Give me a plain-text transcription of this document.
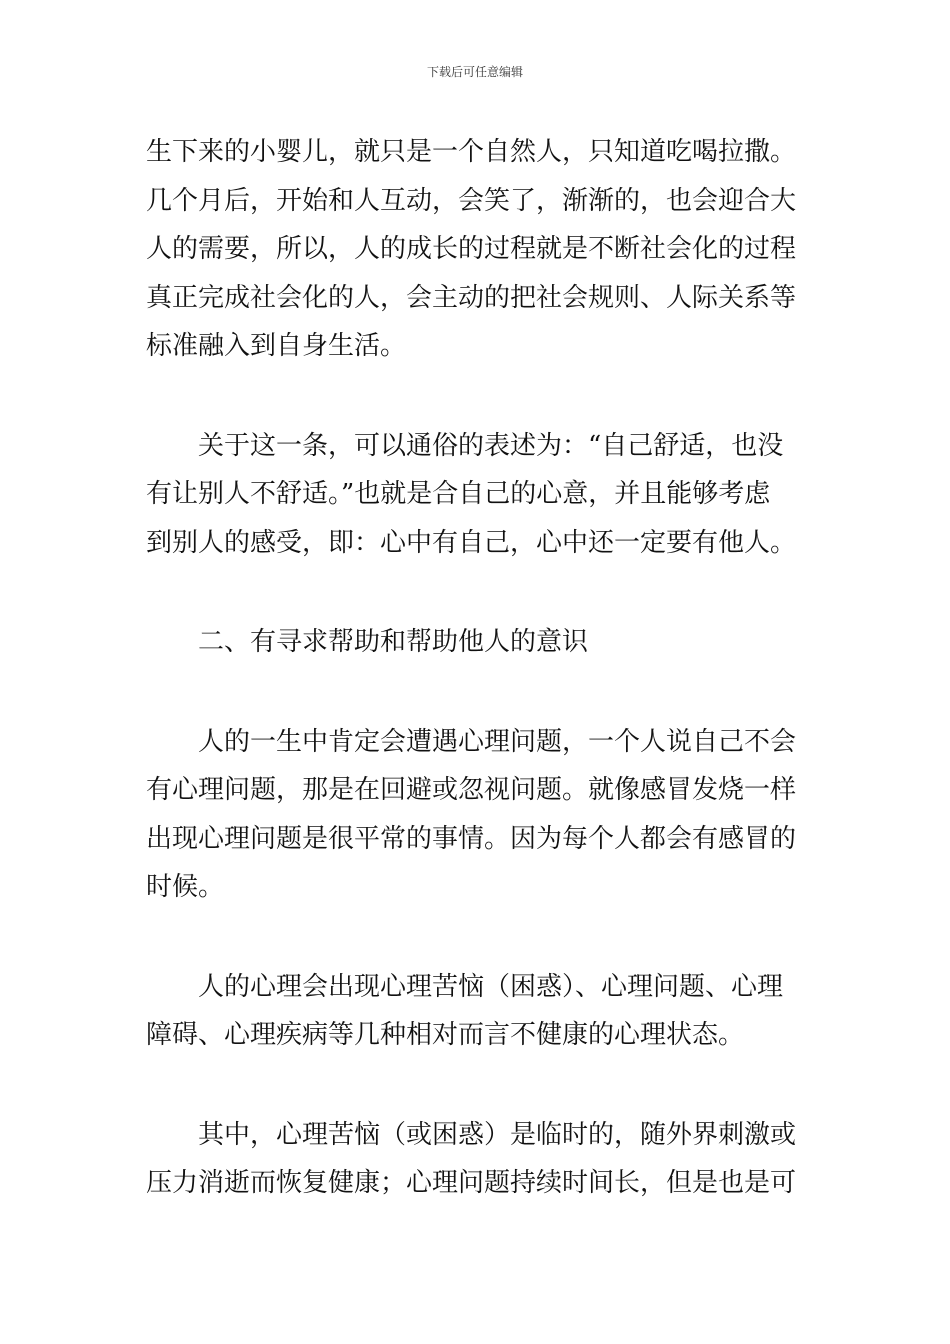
下载后可任意编辑
生下来的小婴儿，就只是一个自然人，只知道吃喝拉撒。
几个月后，开始和人互动，会笑了，渐渐的，也会迎合大
人的需要，所以，人的成长的过程就是不断社会化的过程
真正完成社会化的人，会主动的把社会规则、人际关系等
标准融入到自身生活。
关于这一条，可以通俗的表述为：“自己舒适，也没
有让别人不舒适。”也就是合自己的心意，并且能够考虑
到别人的感受，即：心中有自己，心中还一定要有他人。
二、有寻求帮助和帮助他人的意识
人的一生中肯定会遭遇心理问题，一个人说自己不会
有心理问题，那是在回避或忽视问题。就像感冒发烧一样
出现心理问题是很平常的事情。因为每个人都会有感冒的
时候。
人的心理会出现心理苦恼（困惑）、心理问题、心理
障碍、心理疾病等几种相对而言不健康的心理状态。
其中，心理苦恼（或困惑）是临时的，随外界刺激或
压力消逝而恢复健康；心理问题持续时间长，但是也是可
